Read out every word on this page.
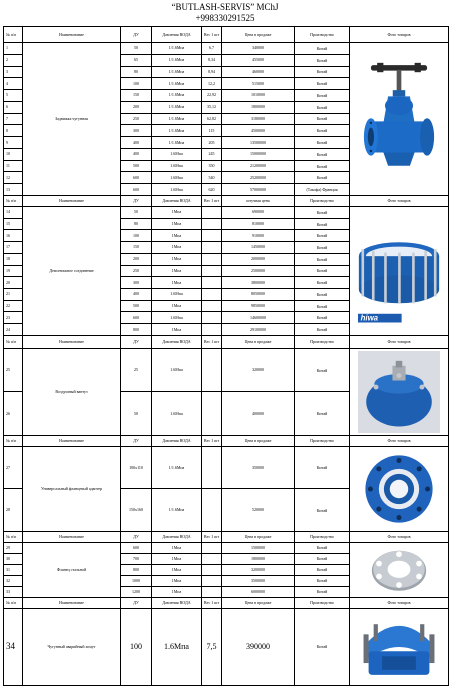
“BUTLASH-SERVIS” MChJ
+998330291525
№ п/п	Наименование	ДУ	Давления ВОДА	Вес 1 шт	Цена в продаже	Производство	Фото товаров
1	Задвижка чугунная	50	1/1.6Мпа	6,7	340000	Китай	

2		65	1/1.6Мпа	8,34	455000	Китай	
3		80	1/1.6Мпа	8,94	460000	Китай	
4		100	1/1.6Мпа	12,2	515000	Китай	
5		150	1/1.6Мпа	22,92	1010000	Китай	
6		200	1/1.6Мпа	35,12	1800000	Китай	
7		250	1/1.6Мпа	62,82	3180000	Китай	
8		300	1/1.6Мпа	115	4500000	Китай	
9		400	1/1.6Мпа	205	13500000	Китай	
10		400	1.6Мпа	245	15000000	Китай	
11		500	1.6Мпа	350	21200000	Китай	
12		600	1.6Мпа	540	25200000	Китай	
13		600	1.6Мпа	620	57000000	(Такофа) Франция	
№ п/п	Наименование	ДУ	Давления ВОДА	Вес 1 шт	штучная цена	Производство	Фото товаров
14	Демонтажное соединение	50	1Мпа		690000	Китай	hiwa

15		80	1Мпа		810000	Китай	
16		100	1Мпа		910000	Китай	
17		150	1Мпа		1450000	Китай	
18		200	1Мпа		2000000	Китай	
19		250	1Мпа		2500000	Китай	
20		300	1Мпа		3800000	Китай	
21		400	1.6Мпа		8050000	Китай	
22		500	1Мпа		9850000	Китай	
23		600	1.6Мпа		14600000	Китай	
24		800	1Мпа		29100000	Китай	
№ п/п	Наименование	ДУ	Давления ВОДА	Вес 1 шт	Цена в продаже	Производство	Фото товаров
25	Воздушный вантуз	25	1.6Мпа		320000	Китай	

26		50	1.6Мпа		400000	Китай	
№ п/п	Наименование	ДУ	Давления ВОДА	Вес 1 шт	Цена в продаже	Производство	Фото товаров
27	Универсальный фланцевый адаптер	100x110	1/1.6Мпа		350000	Китай	

28		150x160	1/1.6Мпа		520000	Китай	
№ п/п	Наименование	ДУ	Давления ВОДА	Вес 1 шт	Цена в продаже	Производство	Фото товаров
29	Фланец стальной	600	1Мпа		1500000	Китай	

30		700	1Мпа		1800000	Китай	
31		800	1Мпа		3200000	Китай	
32		1000	1Мпа		3500000	Китай	
33		1200	1Мпа		6000000	Китай	
№ п/п	Наименование	ДУ	Давления ВОДА	Вес 1 шт	Цена в продаже	Производство	Фото товаров
34	Чугунный аварийный хомут	100	1.6Мпа	7,5	390000	Китай	
